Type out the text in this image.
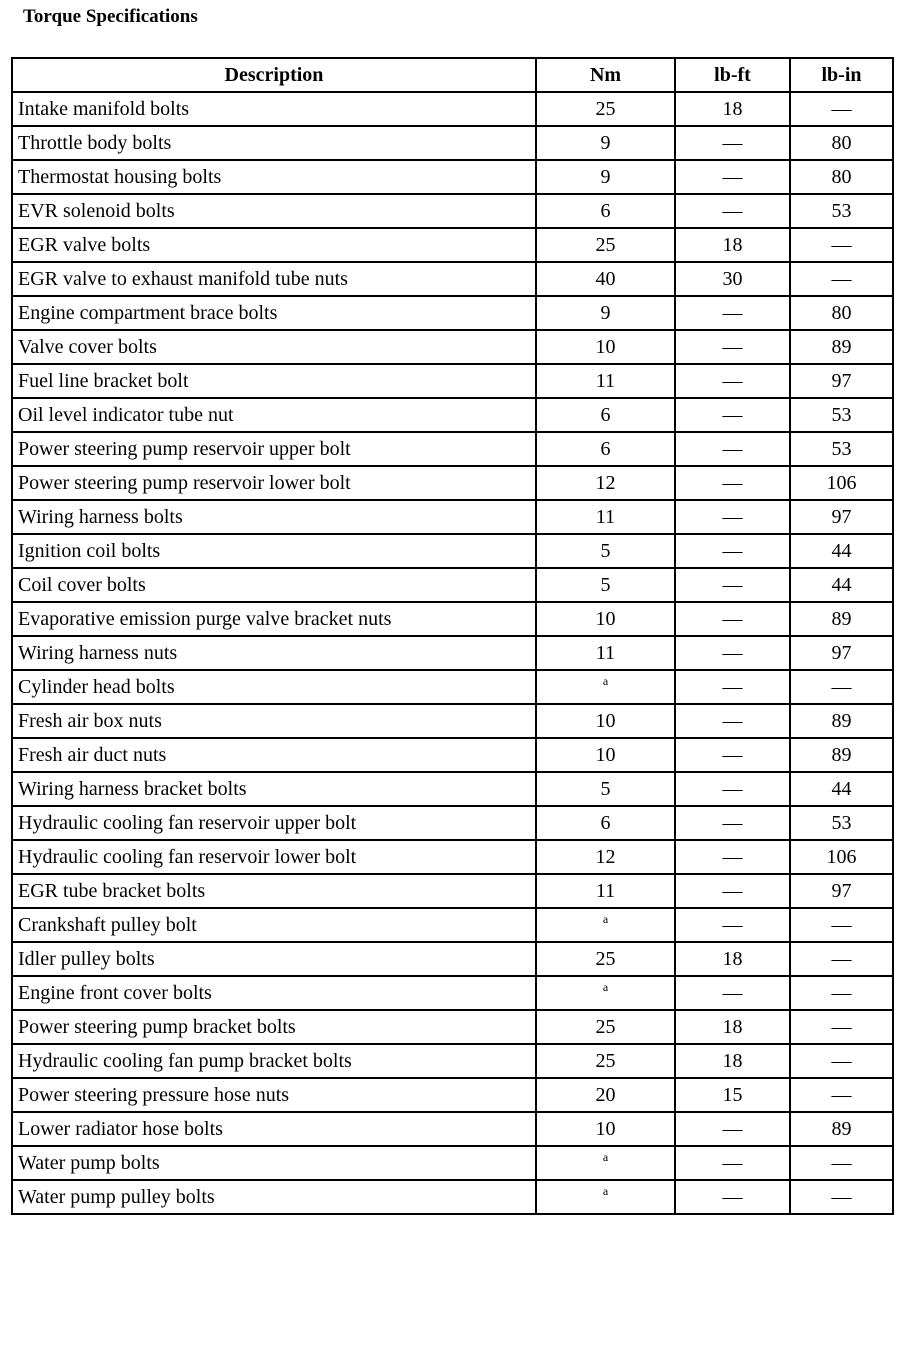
Torque Specifications
Description	Nm	lb-ft	lb-in
Intake manifold bolts	25	18	—
Throttle body bolts	9	—	80
Thermostat housing bolts	9	—	80
EVR solenoid bolts	6	—	53
EGR valve bolts	25	18	—
EGR valve to exhaust manifold tube nuts	40	30	—
Engine compartment brace bolts	9	—	80
Valve cover bolts	10	—	89
Fuel line bracket bolt	11	—	97
Oil level indicator tube nut	6	—	53
Power steering pump reservoir upper bolt	6	—	53
Power steering pump reservoir lower bolt	12	—	106
Wiring harness bolts	11	—	97
Ignition coil bolts	5	—	44
Coil cover bolts	5	—	44
Evaporative emission purge valve bracket nuts	10	—	89
Wiring harness nuts	11	—	97
Cylinder head bolts	$^a$	—	—
Fresh air box nuts	10	—	89
Fresh air duct nuts	10	—	89
Wiring harness bracket bolts	5	—	44
Hydraulic cooling fan reservoir upper bolt	6	—	53
Hydraulic cooling fan reservoir lower bolt	12	—	106
EGR tube bracket bolts	11	—	97
Crankshaft pulley bolt	$^a$	—	—
Idler pulley bolts	25	18	—
Engine front cover bolts	$^a$	—	—
Power steering pump bracket bolts	25	18	—
Hydraulic cooling fan pump bracket bolts	25	18	—
Power steering pressure hose nuts	20	15	—
Lower radiator hose bolts	10	—	89
Water pump bolts	$^a$	—	—
Water pump pulley bolts	$^a$	—	—
